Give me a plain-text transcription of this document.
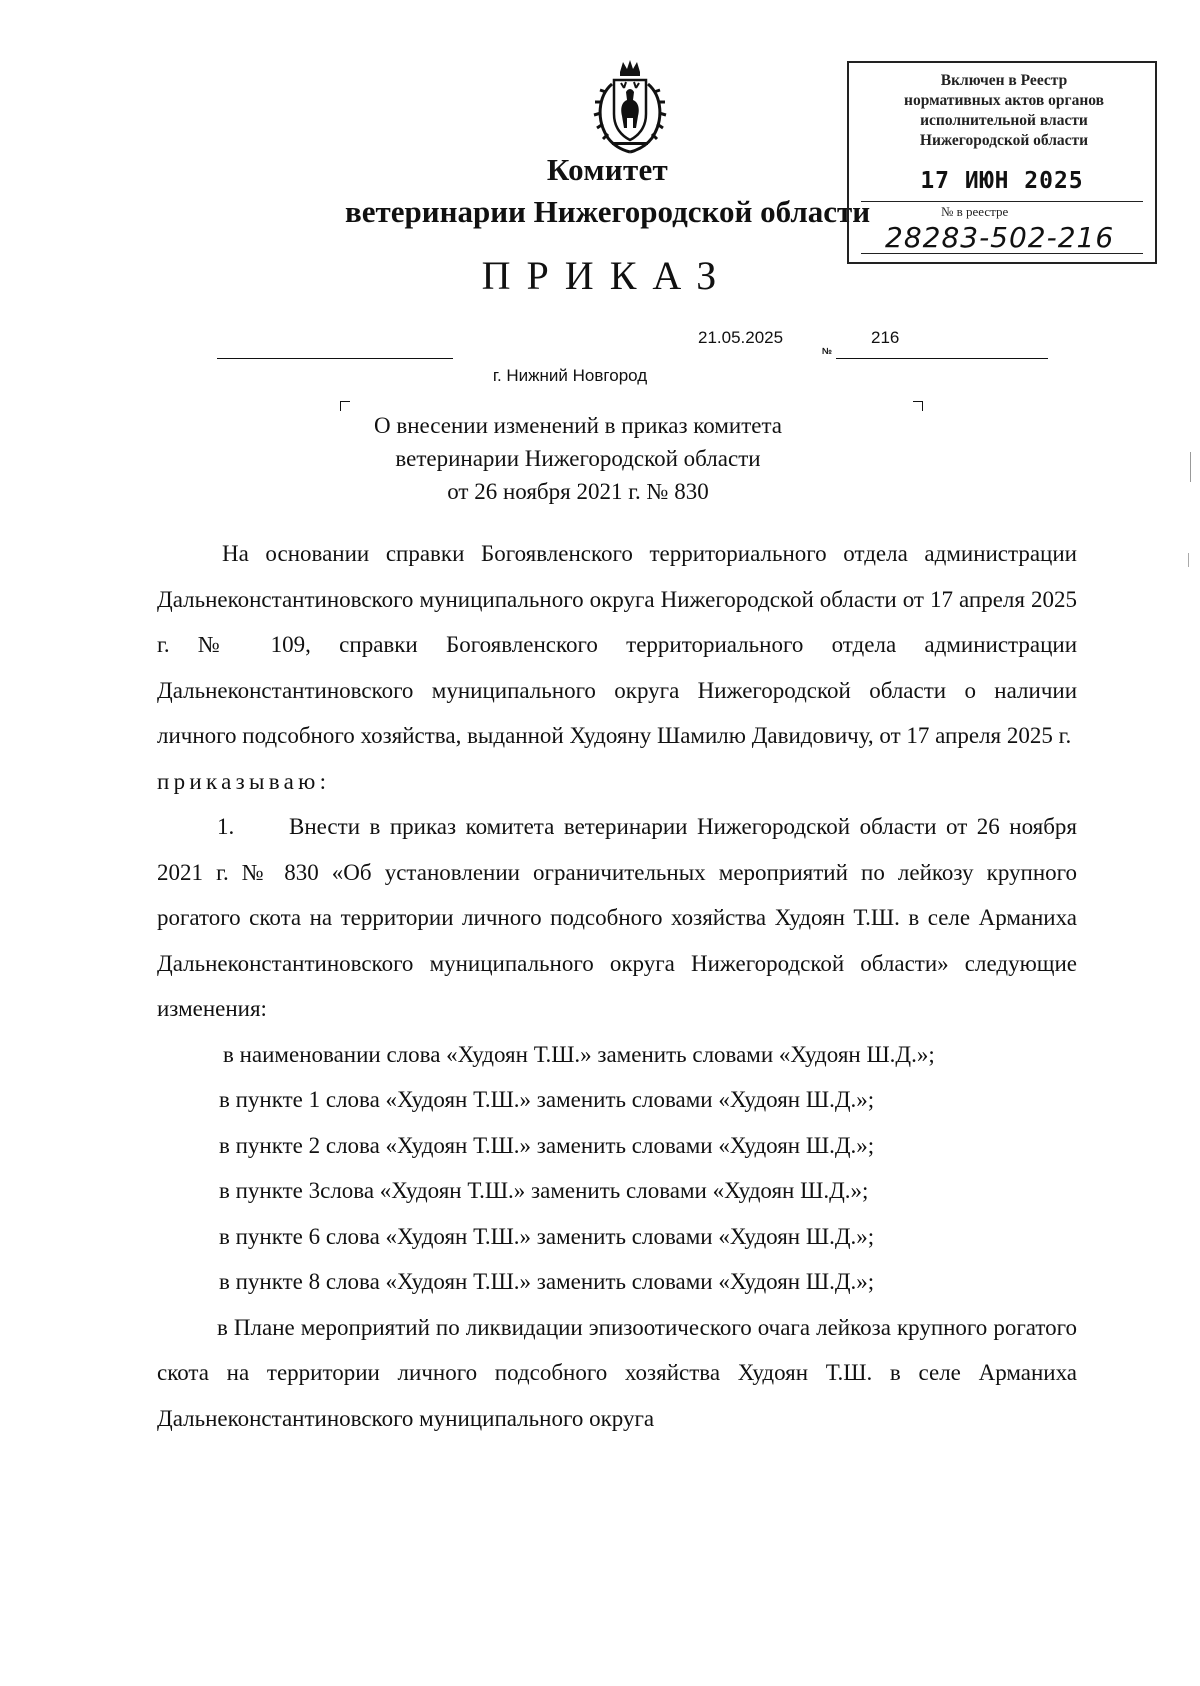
Комитет
ветеринарии Нижегородской области
ПРИКАЗ
Включен в Реестр
нормативных актов органов
исполнительной власти
Нижегородской области
17 ИЮН 2025
№ в реестре
28283-502-216
21.05.2025
№
216
г. Нижний Новгород
О внесении изменений в приказ комитета
ветеринарии Нижегородской области
от 26 ноября 2021 г. № 830

На основании справки Богоявленского территориального отдела администрации Дальнеконстантиновского муниципального округа Нижегородской области от 17 апреля 2025 г. № 109, справки Богоявленского территориального отдела администрации Дальнеконстантиновского муниципального округа Нижегородской области о наличии личного подсобного хозяйства, выданной Худояну Шамилю Давидовичу, от 17 апреля 2025 г.

приказываю:

1. Внести в приказ комитета ветеринарии Нижегородской области от 26 ноября 2021 г. № 830 «Об установлении ограничительных мероприятий по лейкозу крупного рогатого скота на территории личного подсобного хозяйства Худоян Т.Ш. в селе Арманиха Дальнеконстантиновского муниципального округа Нижегородской области» следующие изменения:

в наименовании слова «Худоян Т.Ш.» заменить словами «Худоян Ш.Д.»;

в пункте 1 слова «Худоян Т.Ш.» заменить словами «Худоян Ш.Д.»;

в пункте 2 слова «Худоян Т.Ш.» заменить словами «Худоян Ш.Д.»;

в пункте 3слова «Худоян Т.Ш.» заменить словами «Худоян Ш.Д.»;

в пункте 6 слова «Худоян Т.Ш.» заменить словами «Худоян Ш.Д.»;

в пункте 8 слова «Худоян Т.Ш.» заменить словами «Худоян Ш.Д.»;

в Плане мероприятий по ликвидации эпизоотического очага лейкоза крупного рогатого скота на территории личного подсобного хозяйства Худоян Т.Ш. в селе Арманиха Дальнеконстантиновского муниципального округа
